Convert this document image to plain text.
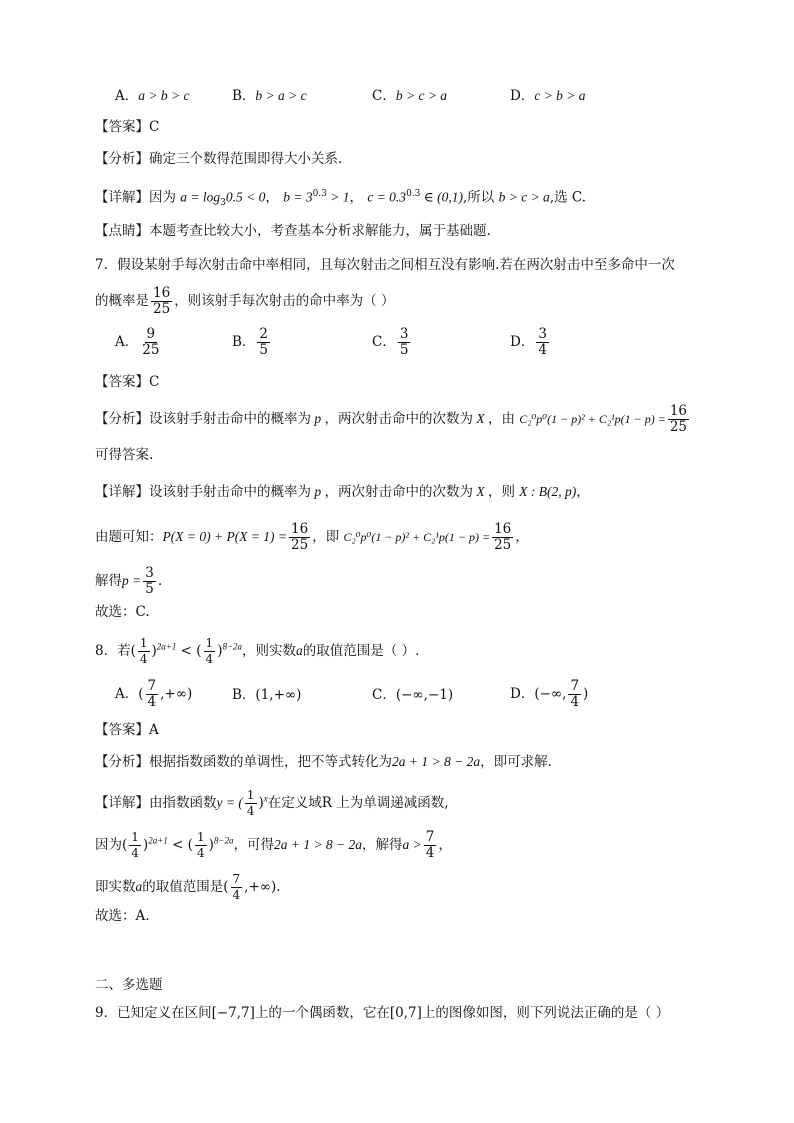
A．a > b > c	B．b > a > c	C．b > c > a	D．c > b > a
【答案】C
【分析】确定三个数得范围即得大小关系.
【详解】因为 $a = \log_30.5 < 0$， $b = 3^{0.3} > 1$， $c = 0.3^{0.3}$ ∈ (0,1),所以 b > c > a,选 C.
【点睛】本题考查比较大小，考查基本分析求解能力，属于基础题.
7．假设某射手每次射击命中率相同，且每次射击之间相互没有影响.若在两次射击中至多命中一次
的概率是 $\frac{16}{25}$ ，则该射手每次射击的命中率为（ ）
A． $\frac{9}{25}$	B． $\frac{2}{5}$	C． $\frac{3}{5}$	D． $\frac{3}{4}$
【答案】C
【分析】设该射手射击命中的概率为 p ，两次射击命中的次数为 X ，由 $C_2^0p^0(1 - p)^2 + C_2^1p(1 - p) = \frac{16}{25}$
可得答案.
【详解】设该射手射击命中的概率为 p ，两次射击命中的次数为 X ，则 X : B(2, p)，
由题可知：$P(X = 0) + P(X = 1) = \frac{16}{25}$ ，即 $C_2^0p^0(1 - p)^2 + C_2^1p(1 - p) = \frac{16}{25}$ ，
解得$p = \frac{3}{5}$ .
故选：C.
8．若( $\frac{1}{4} )^{2a+1}$ < ( $\frac{1}{4} )^{8-2a}$，则实数a的取值范围是（ ）.
A．( $\frac{7}{4}$ ,+∞)	B．(1,+∞)	C．(−∞,−1)	D．(−∞, $\frac{7}{4}$ )
【答案】A
【分析】根据指数函数的单调性，把不等式转化为2a + 1 > 8 − 2a，即可求解.
【详解】由指数函数y = ( $\frac{1}{4} )^x$在定义域R 上为单调递减函数,
因为( $\frac{1}{4} )^{2a+1}$ < ( $\frac{1}{4} )^{8-2a}$，可得2a + 1 > 8 − 2a，解得$a > \frac{7}{4}$ ，
即实数a的取值范围是( $\frac{7}{4}$ ,+∞).
故选：A.
二、多选题
9．已知定义在区间[−7,7]上的一个偶函数，它在[0,7]上的图像如图，则下列说法正确的是（ ）
